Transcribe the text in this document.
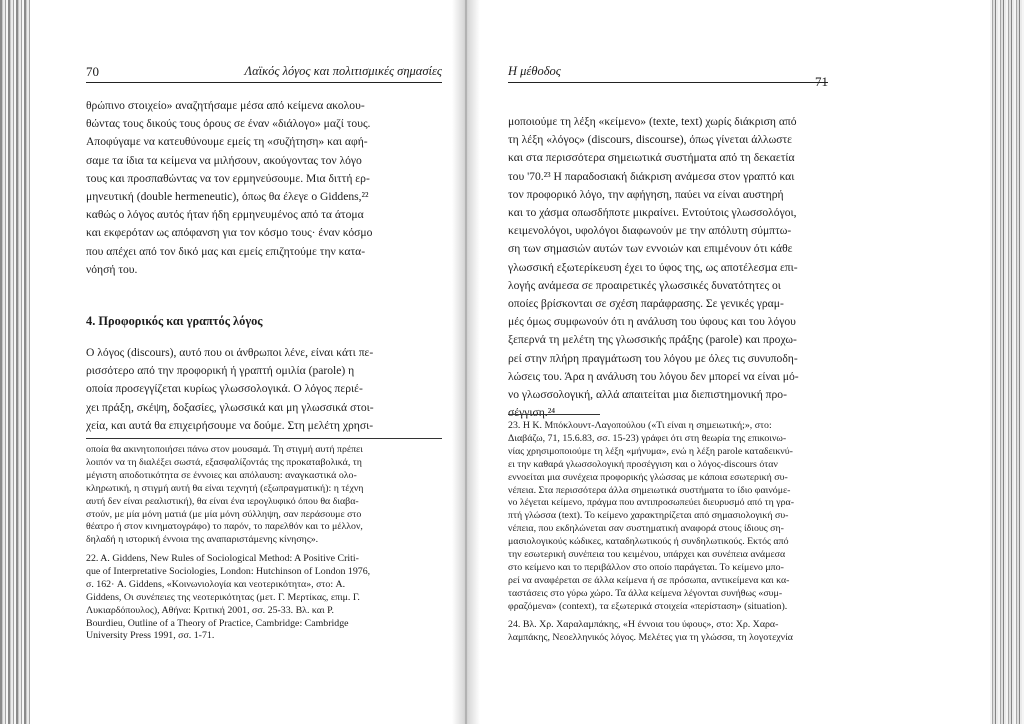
70	Λαϊκός λόγος και πολιτισμικές σημασίες
θρώπινο στοιχείο» αναζητήσαμε μέσα από κείμενα ακολου-
θώντας τους δικούς τους όρους σε έναν «διάλογο» μαζί τους.
Αποφύγαμε να κατευθύνουμε εμείς τη «συζήτηση» και αφή-
σαμε τα ίδια τα κείμενα να μιλήσουν, ακούγοντας τον λόγο
τους και προσπαθώντας να τον ερμηνεύσουμε. Μια διττή ερ-
μηνευτική (double hermeneutic), όπως θα έλεγε ο Giddens,²²
καθώς ο λόγος αυτός ήταν ήδη ερμηνευμένος από τα άτομα
και εκφερόταν ως απόφανση για τον κόσμο τους· έναν κόσμο
που απέχει από τον δικό μας και εμείς επιζητούμε την κατα-
νόησή του.
4. Προφορικός και γραπτός λόγος
Ο λόγος (discours), αυτό που οι άνθρωποι λένε, είναι κάτι πε-
ρισσότερο από την προφορική ή γραπτή ομιλία (parole) η
οποία προσεγγίζεται κυρίως γλωσσολογικά. Ο λόγος περιέ-
χει πράξη, σκέψη, δοξασίες, γλωσσικά και μη γλωσσικά στοι-
χεία, και αυτά θα επιχειρήσουμε να δούμε. Στη μελέτη χρησι-

οποία θα ακινητοποιήσει πάνω στον μουσαμά. Τη στιγμή αυτή πρέπει

λοιπόν να τη διαλέξει σωστά, εξασφαλίζοντάς της προκαταβολικά, τη

μέγιστη αποδοτικότητα σε έννοιες και απόλαυση: αναγκαστικά ολο-

κληρωτική, η στιγμή αυτή θα είναι τεχνητή (εξωπραγματική): η τέχνη

αυτή δεν είναι ρεαλιστική), θα είναι ένα ιερογλυφικό όπου θα διαβα-

στούν, με μία μόνη ματιά (με μία μόνη σύλληψη, σαν περάσουμε στο

θέατρο ή στον κινηματογράφο) το παρόν, το παρελθόν και το μέλλον,

δηλαδή η ιστορική έννοια της αναπαριστάμενης κίνησης».

22. A. Giddens, New Rules of Sociological Method: A Positive Criti-

que of Interpretative Sociologies, London: Hutchinson of London 1976,

σ. 162· A. Giddens, «Κοινωνιολογία και νεοτερικότητα», στο: A.

Giddens, Οι συνέπειες της νεοτερικότητας (μετ. Γ. Μερτίκας, επιμ. Γ.

Λυκιαρδόπουλος), Αθήνα: Κριτική 2001, σσ. 25-33. Βλ. και P.

Bourdieu, Outline of a Theory of Practice, Cambridge: Cambridge

University Press 1991, σσ. 1-71.

Η μέθοδος
71
μοποιούμε τη λέξη «κείμενο» (texte, text) χωρίς διάκριση από
τη λέξη «λόγος» (discours, discourse), όπως γίνεται άλλωστε
και στα περισσότερα σημειωτικά συστήματα από τη δεκαετία
του '70.²³ Η παραδοσιακή διάκριση ανάμεσα στον γραπτό και
τον προφορικό λόγο, την αφήγηση, παύει να είναι αυστηρή
και το χάσμα οπωσδήποτε μικραίνει. Εντούτοις γλωσσολόγοι,
κειμενολόγοι, υφολόγοι διαφωνούν με την απόλυτη σύμπτω-
ση των σημασιών αυτών των εννοιών και επιμένουν ότι κάθε
γλωσσική εξωτερίκευση έχει το ύφος της, ως αποτέλεσμα επι-
λογής ανάμεσα σε προαιρετικές γλωσσικές δυνατότητες οι
οποίες βρίσκονται σε σχέση παράφρασης. Σε γενικές γραμ-
μές όμως συμφωνούν ότι η ανάλυση του ύφους και του λόγου
ξεπερνά τη μελέτη της γλωσσικής πράξης (parole) και προχω-
ρεί στην πλήρη πραγμάτωση του λόγου με όλες τις συνυποδη-
λώσεις του. Άρα η ανάλυση του λόγου δεν μπορεί να είναι μό-
νο γλωσσολογική, αλλά απαιτείται μια διεπιστημονική προ-
σέγγιση.²⁴

23. Η Κ. Μπόκλουντ-Λαγοπούλου («Τι είναι η σημειωτική;», στο:

Διαβάζω, 71, 15.6.83, σσ. 15-23) γράφει ότι στη θεωρία της επικοινω-

νίας χρησιμοποιούμε τη λέξη «μήνυμα», ενώ η λέξη parole καταδεικνύ-

ει την καθαρά γλωσσολογική προσέγγιση και ο λόγος-discours όταν

εννοείται μια συνέχεια προφορικής γλώσσας με κάποια εσωτερική συ-

νέπεια. Στα περισσότερα άλλα σημειωτικά συστήματα το ίδιο φαινόμε-

νο λέγεται κείμενο, πράγμα που αντιπροσωπεύει διευρυσμό από τη γρα-

πτή γλώσσα (text). Το κείμενο χαρακτηρίζεται από σημασιολογική συ-

νέπεια, που εκδηλώνεται σαν συστηματική αναφορά στους ίδιους ση-

μασιολογικούς κώδικες, καταδηλωτικούς ή συνδηλωτικούς. Εκτός από

την εσωτερική συνέπεια του κειμένου, υπάρχει και συνέπεια ανάμεσα

στο κείμενο και το περιβάλλον στο οποίο παράγεται. Το κείμενο μπο-

ρεί να αναφέρεται σε άλλα κείμενα ή σε πρόσωπα, αντικείμενα και κα-

ταστάσεις στο γύρω χώρο. Τα άλλα κείμενα λέγονται συνήθως «συμ-

φραζόμενα» (context), τα εξωτερικά στοιχεία «περίσταση» (situation).

24. Βλ. Χρ. Χαραλαμπάκης, «Η έννοια του ύφους», στο: Χρ. Χαρα-

λαμπάκης, Νεοελληνικός λόγος. Μελέτες για τη γλώσσα, τη λογοτεχνία
